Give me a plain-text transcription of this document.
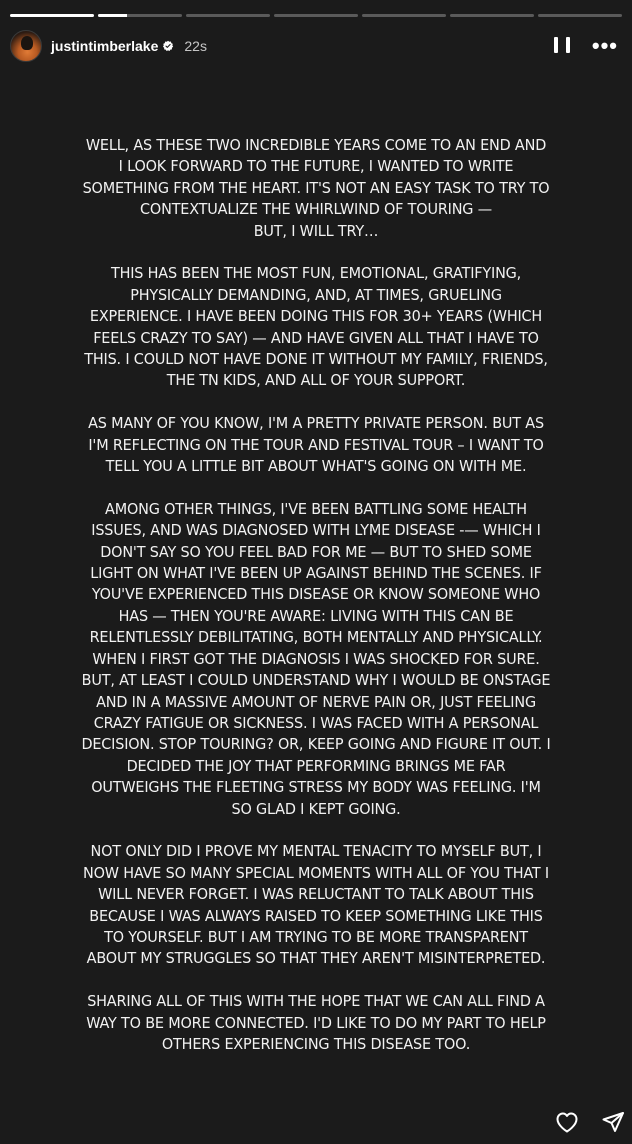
justintimberlake 22s	•••
WELL, AS THESE TWO INCREDIBLE YEARS COME TO AN END AND
I LOOK FORWARD TO THE FUTURE, I WANTED TO WRITE
SOMETHING FROM THE HEART. IT'S NOT AN EASY TASK TO TRY TO
CONTEXTUALIZE THE WHIRLWIND OF TOURING —
BUT, I WILL TRY…
THIS HAS BEEN THE MOST FUN, EMOTIONAL, GRATIFYING,
PHYSICALLY DEMANDING, AND, AT TIMES, GRUELING
EXPERIENCE. I HAVE BEEN DOING THIS FOR 30+ YEARS (WHICH
FEELS CRAZY TO SAY) — AND HAVE GIVEN ALL THAT I HAVE TO
THIS. I COULD NOT HAVE DONE IT WITHOUT MY FAMILY, FRIENDS,
THE TN KIDS, AND ALL OF YOUR SUPPORT.
AS MANY OF YOU KNOW, I'M A PRETTY PRIVATE PERSON. BUT AS
I'M REFLECTING ON THE TOUR AND FESTIVAL TOUR – I WANT TO
TELL YOU A LITTLE BIT ABOUT WHAT'S GOING ON WITH ME.
AMONG OTHER THINGS, I'VE BEEN BATTLING SOME HEALTH
ISSUES, AND WAS DIAGNOSED WITH LYME DISEASE -— WHICH I
DON'T SAY SO YOU FEEL BAD FOR ME — BUT TO SHED SOME
LIGHT ON WHAT I'VE BEEN UP AGAINST BEHIND THE SCENES. IF
YOU'VE EXPERIENCED THIS DISEASE OR KNOW SOMEONE WHO
HAS — THEN YOU'RE AWARE: LIVING WITH THIS CAN BE
RELENTLESSLY DEBILITATING, BOTH MENTALLY AND PHYSICALLY.
WHEN I FIRST GOT THE DIAGNOSIS I WAS SHOCKED FOR SURE.
BUT, AT LEAST I COULD UNDERSTAND WHY I WOULD BE ONSTAGE
AND IN A MASSIVE AMOUNT OF NERVE PAIN OR, JUST FEELING
CRAZY FATIGUE OR SICKNESS. I WAS FACED WITH A PERSONAL
DECISION. STOP TOURING? OR, KEEP GOING AND FIGURE IT OUT. I
DECIDED THE JOY THAT PERFORMING BRINGS ME FAR
OUTWEIGHS THE FLEETING STRESS MY BODY WAS FEELING. I'M
SO GLAD I KEPT GOING.
NOT ONLY DID I PROVE MY MENTAL TENACITY TO MYSELF BUT, I
NOW HAVE SO MANY SPECIAL MOMENTS WITH ALL OF YOU THAT I
WILL NEVER FORGET. I WAS RELUCTANT TO TALK ABOUT THIS
BECAUSE I WAS ALWAYS RAISED TO KEEP SOMETHING LIKE THIS
TO YOURSELF. BUT I AM TRYING TO BE MORE TRANSPARENT
ABOUT MY STRUGGLES SO THAT THEY AREN'T MISINTERPRETED.
SHARING ALL OF THIS WITH THE HOPE THAT WE CAN ALL FIND A
WAY TO BE MORE CONNECTED. I'D LIKE TO DO MY PART TO HELP
OTHERS EXPERIENCING THIS DISEASE TOO.
